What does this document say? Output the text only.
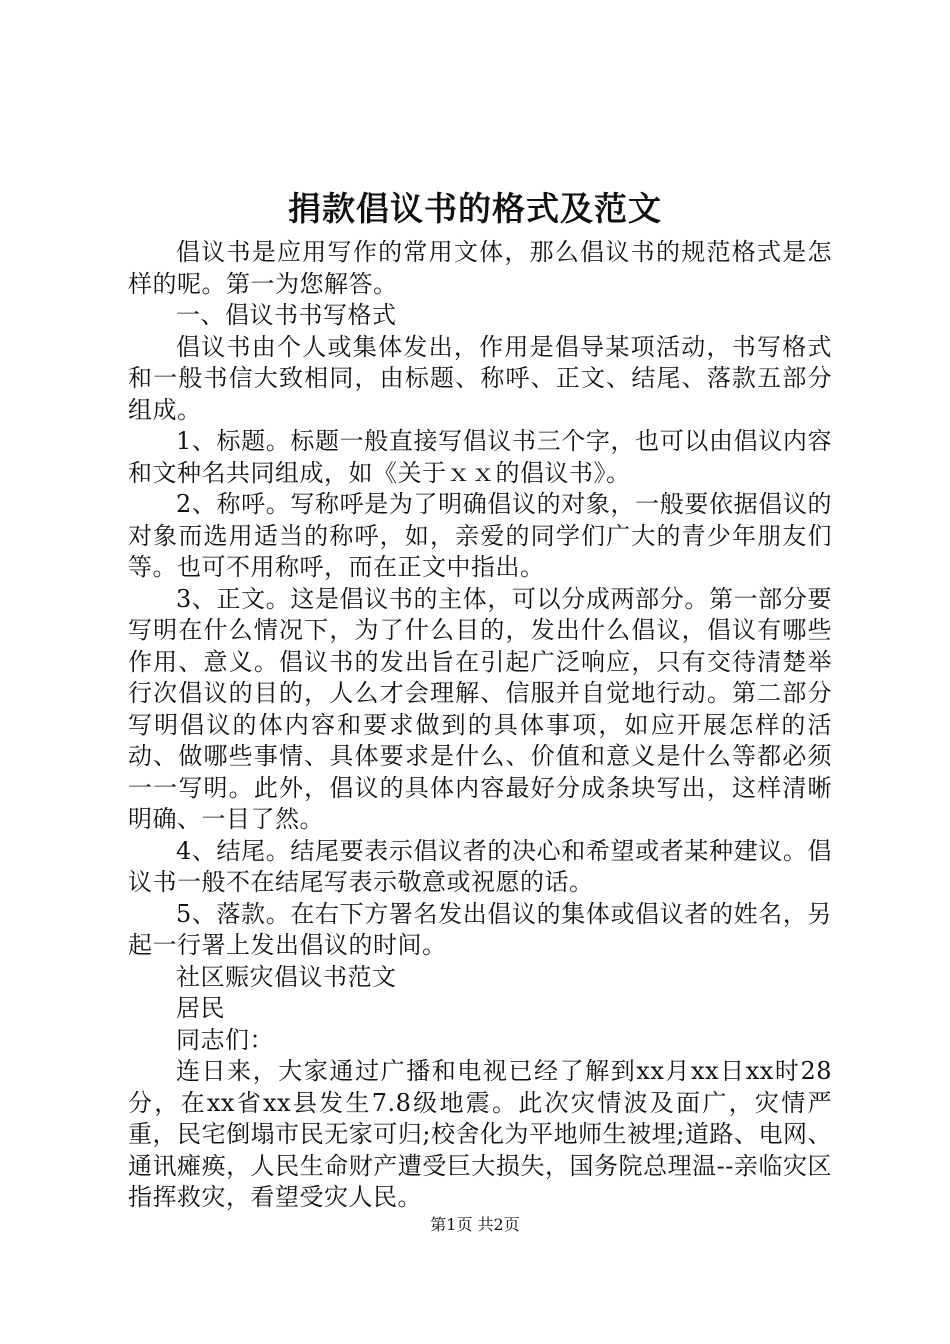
捐款倡议书的格式及范文

倡议书是应用写作的常用文体，那么倡议书的规范格式是怎样的呢。第一为您解答。

一、倡议书书写格式

倡议书由个人或集体发出，作用是倡导某项活动，书写格式和一般书信大致相同，由标题、称呼、正文、结尾、落款五部分组成。

1、标题。标题一般直接写倡议书三个字，也可以由倡议内容和文种名共同组成，如《关于ｘｘ的倡议书》。

2、称呼。写称呼是为了明确倡议的对象，一般要依据倡议的对象而选用适当的称呼，如，亲爱的同学们广大的青少年朋友们等。也可不用称呼，而在正文中指出。

3、正文。这是倡议书的主体，可以分成两部分。第一部分要写明在什么情况下，为了什么目的，发出什么倡议，倡议有哪些作用、意义。倡议书的发出旨在引起广泛响应，只有交待清楚举行次倡议的目的，人么才会理解、信服并自觉地行动。第二部分写明倡议的体内容和要求做到的具体事项，如应开展怎样的活动、做哪些事情、具体要求是什么、价值和意义是什么等都必须一一写明。此外，倡议的具体内容最好分成条块写出，这样清晰明确、一目了然。

4、结尾。结尾要表示倡议者的决心和希望或者某种建议。倡议书一般不在结尾写表示敬意或祝愿的话。

5、落款。在右下方署名发出倡议的集体或倡议者的姓名，另起一行署上发出倡议的时间。

社区赈灾倡议书范文

居民

同志们：

连日来，大家通过广播和电视已经了解到xx月xx日xx时28分，在xx省xx县发生7.8级地震。此次灾情波及面广，灾情严重，民宅倒塌市民无家可归;校舍化为平地师生被埋;道路、电网、通讯瘫痪，人民生命财产遭受巨大损失，国务院总理温--亲临灾区指挥救灾，看望受灾人民。

第1页 共2页
